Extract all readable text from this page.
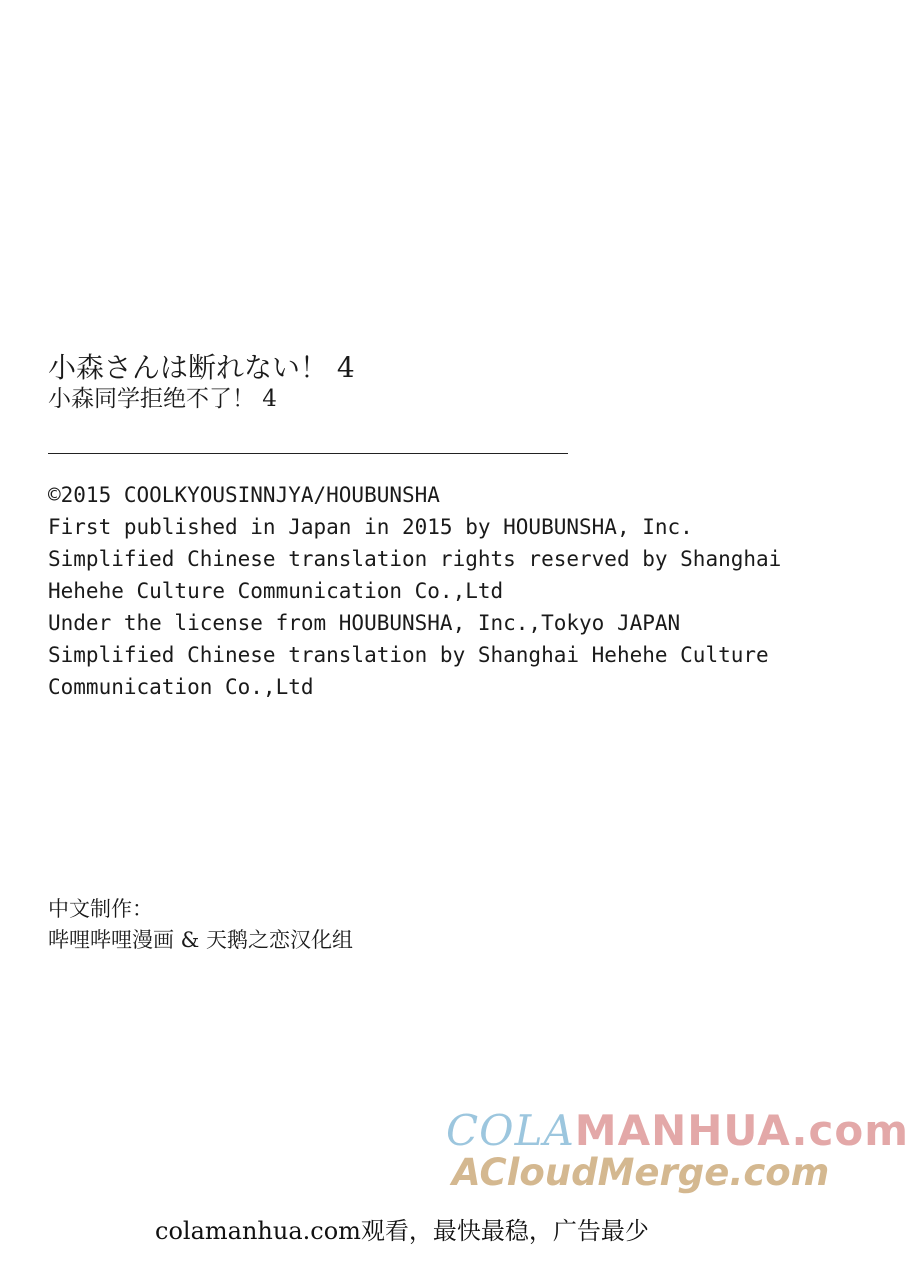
小森さんは断れない！ 4
小森同学拒绝不了！ 4
©2015 COOLKYOUSINNJYA/HOUBUNSHA
First published in Japan in 2015 by HOUBUNSHA, Inc.
Simplified Chinese translation rights reserved by Shanghai
Hehehe Culture Communication Co.,Ltd
Under the license from HOUBUNSHA, Inc.,Tokyo JAPAN
Simplified Chinese translation by Shanghai Hehehe Culture
Communication Co.,Ltd
中文制作：
哔哩哔哩漫画 & 天鹅之恋汉化组
COLAMANHUA.com
ACloudMerge.com
colamanhua.com观看，最快最稳，广告最少
